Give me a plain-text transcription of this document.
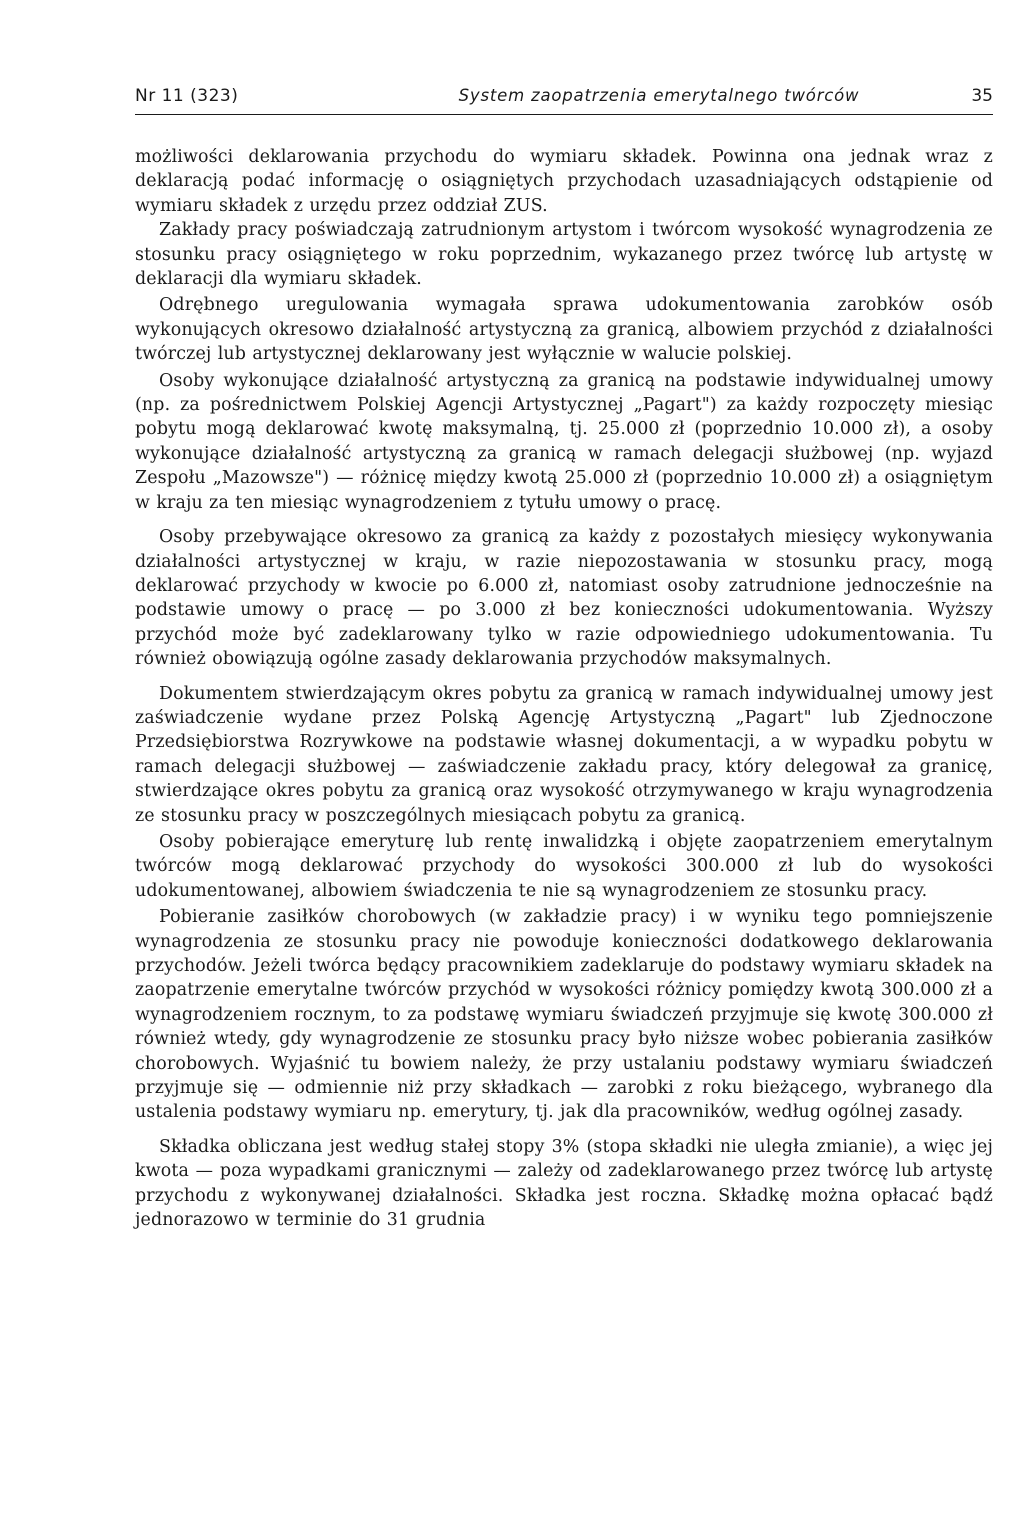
Nr 11 (323)	System zaopatrzenia emerytalnego twórców	35

możliwości deklarowania przychodu do wymiaru składek. Powinna ona jednak wraz z deklaracją podać informację o osiągniętych przychodach uzasadniających odstąpienie od wymiaru składek z urzędu przez oddział ZUS.

Zakłady pracy poświadczają zatrudnionym artystom i twórcom wysokość wynagrodzenia ze stosunku pracy osiągniętego w roku poprzednim, wykazanego przez twórcę lub artystę w deklaracji dla wymiaru składek.

Odrębnego uregulowania wymagała sprawa udokumentowania zarobków osób wykonujących okresowo działalność artystyczną za granicą, albowiem przychód z działalności twórczej lub artystycznej deklarowany jest wyłącznie w walucie polskiej.

Osoby wykonujące działalność artystyczną za granicą na podstawie indywidualnej umowy (np. za pośrednictwem Polskiej Agencji Artystycznej „Pagart") za każdy rozpoczęty miesiąc pobytu mogą deklarować kwotę maksymalną, tj. 25.000 zł (poprzednio 10.000 zł), a osoby wykonujące działalność artystyczną za granicą w ramach delegacji służbowej (np. wyjazd Zespołu „Mazowsze") — różnicę między kwotą 25.000 zł (poprzednio 10.000 zł) a osiągniętym w kraju za ten miesiąc wynagrodzeniem z tytułu umowy o pracę.

Osoby przebywające okresowo za granicą za każdy z pozostałych miesięcy wykonywania działalności artystycznej w kraju, w razie niepozostawania w stosunku pracy, mogą deklarować przychody w kwocie po 6.000 zł, natomiast osoby zatrudnione jednocześnie na podstawie umowy o pracę — po 3.000 zł bez konieczności udokumentowania. Wyższy przychód może być zadeklarowany tylko w razie odpowiedniego udokumentowania. Tu również obowiązują ogólne zasady deklarowania przychodów maksymalnych.

Dokumentem stwierdzającym okres pobytu za granicą w ramach indywidualnej umowy jest zaświadczenie wydane przez Polską Agencję Artystyczną „Pagart" lub Zjednoczone Przedsiębiorstwa Rozrywkowe na podstawie własnej dokumentacji, a w wypadku pobytu w ramach delegacji służbowej — zaświadczenie zakładu pracy, który delegował za granicę, stwierdzające okres pobytu za granicą oraz wysokość otrzymywanego w kraju wynagrodzenia ze stosunku pracy w poszczególnych miesiącach pobytu za granicą.

Osoby pobierające emeryturę lub rentę inwalidzką i objęte zaopatrzeniem emerytalnym twórców mogą deklarować przychody do wysokości 300.000 zł lub do wysokości udokumentowanej, albowiem świadczenia te nie są wynagrodzeniem ze stosunku pracy.

Pobieranie zasiłków chorobowych (w zakładzie pracy) i w wyniku tego pomniejszenie wynagrodzenia ze stosunku pracy nie powoduje konieczności dodatkowego deklarowania przychodów. Jeżeli twórca będący pracownikiem zadeklaruje do podstawy wymiaru składek na zaopatrzenie emerytalne twórców przychód w wysokości różnicy pomiędzy kwotą 300.000 zł a wynagrodzeniem rocznym, to za podstawę wymiaru świadczeń przyjmuje się kwotę 300.000 zł również wtedy, gdy wynagrodzenie ze stosunku pracy było niższe wobec pobierania zasiłków chorobowych. Wyjaśnić tu bowiem należy, że przy ustalaniu podstawy wymiaru świadczeń przyjmuje się — odmiennie niż przy składkach — zarobki z roku bieżącego, wybranego dla ustalenia podstawy wymiaru np. emerytury, tj. jak dla pracowników, według ogólnej zasady.

Składka obliczana jest według stałej stopy 3% (stopa składki nie uległa zmianie), a więc jej kwota — poza wypadkami granicznymi — zależy od zadeklarowanego przez twórcę lub artystę przychodu z wykonywanej działalności. Składka jest roczna. Składkę można opłacać bądź jednorazowo w terminie do 31 grudnia
